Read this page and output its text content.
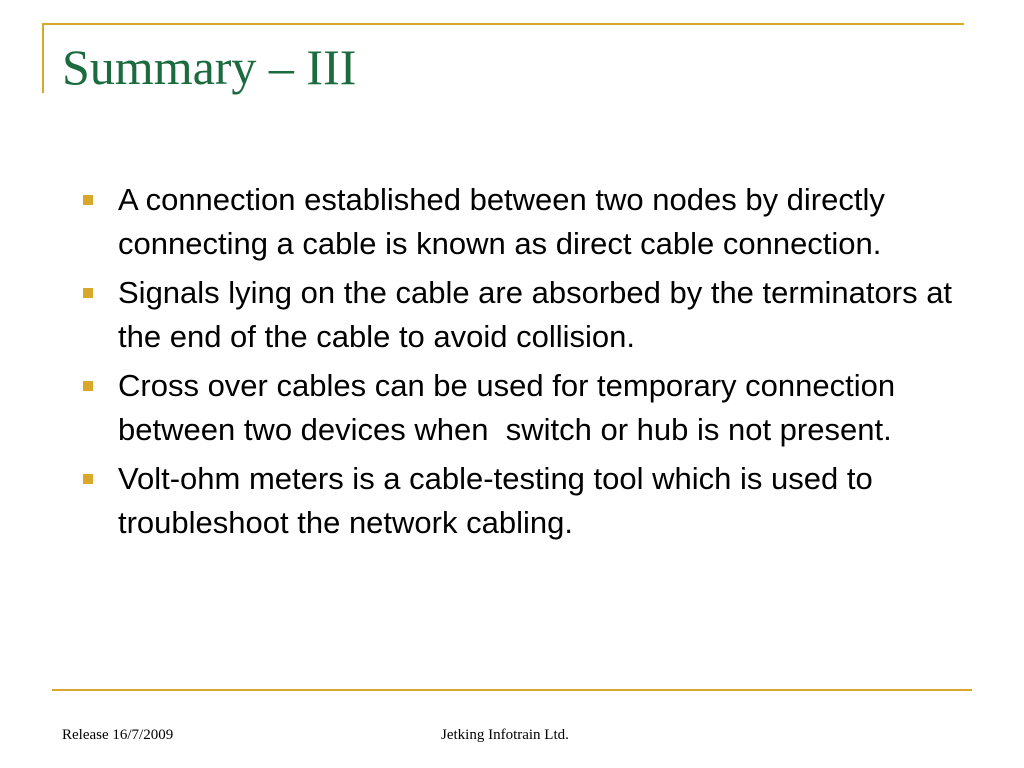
Summary – III
A connection established between two nodes by directly connecting a cable is known as direct cable connection.
Signals lying on the cable are absorbed by the terminators at the end of the cable to avoid collision.
Cross over cables can be used for temporary connection between two devices when  switch or hub is not present.
Volt-ohm meters is a cable-testing tool which is used to troubleshoot the network cabling.
Release 16/7/2009	Jetking Infotrain Ltd.
